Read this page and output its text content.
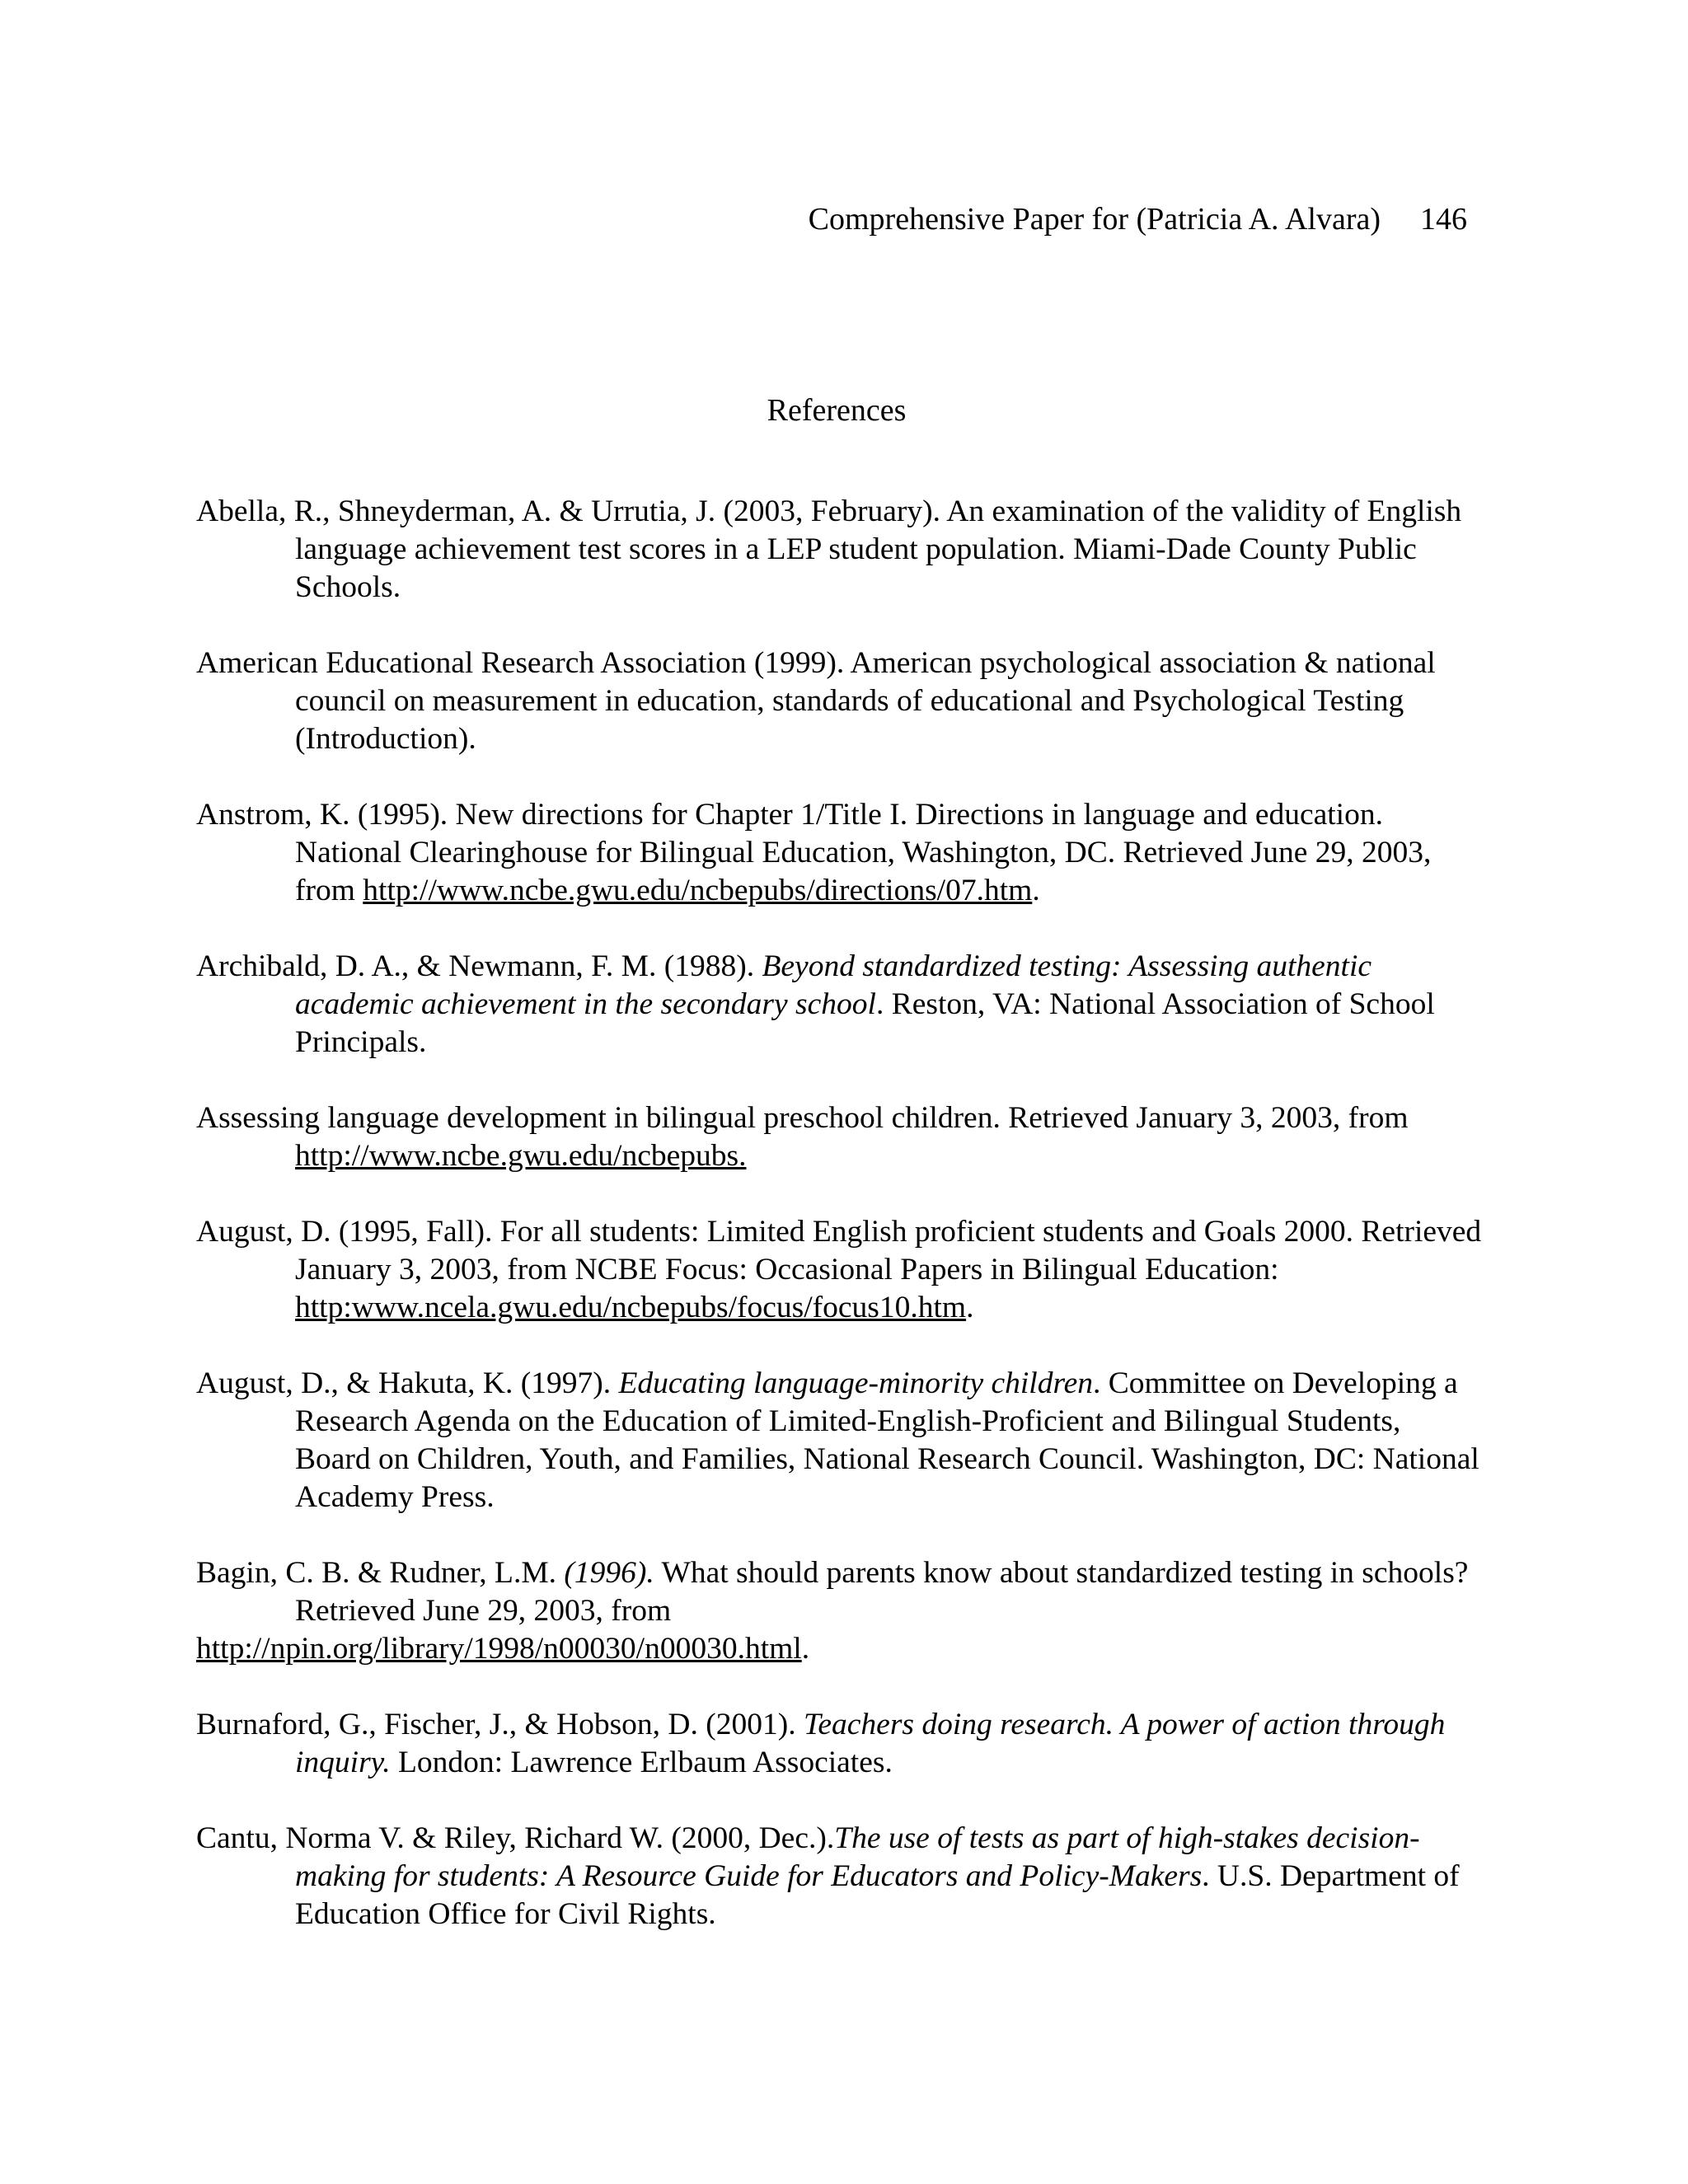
Comprehensive Paper for (Patricia A. Alvara) 146
References
Abella, R., Shneyderman, A. & Urrutia, J. (2003, February). An examination of the validity of English language achievement test scores in a LEP student population. Miami-Dade County Public Schools.
American Educational Research Association (1999). American psychological association & national council on measurement in education, standards of educational and Psychological Testing (Introduction).
Anstrom, K. (1995). New directions for Chapter 1/Title I. Directions in language and education. National Clearinghouse for Bilingual Education, Washington, DC. Retrieved June 29, 2003, from http://www.ncbe.gwu.edu/ncbepubs/directions/07.htm.
Archibald, D. A., & Newmann, F. M. (1988). Beyond standardized testing: Assessing authentic academic achievement in the secondary school. Reston, VA: National Association of School Principals.
Assessing language development in bilingual preschool children. Retrieved January 3, 2003, from http://www.ncbe.gwu.edu/ncbepubs.
August, D. (1995, Fall). For all students: Limited English proficient students and Goals 2000. Retrieved January 3, 2003, from NCBE Focus: Occasional Papers in Bilingual Education: http:www.ncela.gwu.edu/ncbepubs/focus/focus10.htm.
August, D., & Hakuta, K. (1997). Educating language-minority children. Committee on Developing a Research Agenda on the Education of Limited-English-Proficient and Bilingual Students, Board on Children, Youth, and Families, National Research Council. Washington, DC: National Academy Press.
Bagin, C. B. & Rudner, L.M. (1996). What should parents know about standardized testing in schools? Retrieved June 29, 2003, from
http://npin.org/library/1998/n00030/n00030.html.
Burnaford, G., Fischer, J., & Hobson, D. (2001). Teachers doing research. A power of action through inquiry. London: Lawrence Erlbaum Associates.
Cantu, Norma V. & Riley, Richard W. (2000, Dec.).The use of tests as part of high-stakes decision-making for students: A Resource Guide for Educators and Policy-Makers. U.S. Department of Education Office for Civil Rights.
